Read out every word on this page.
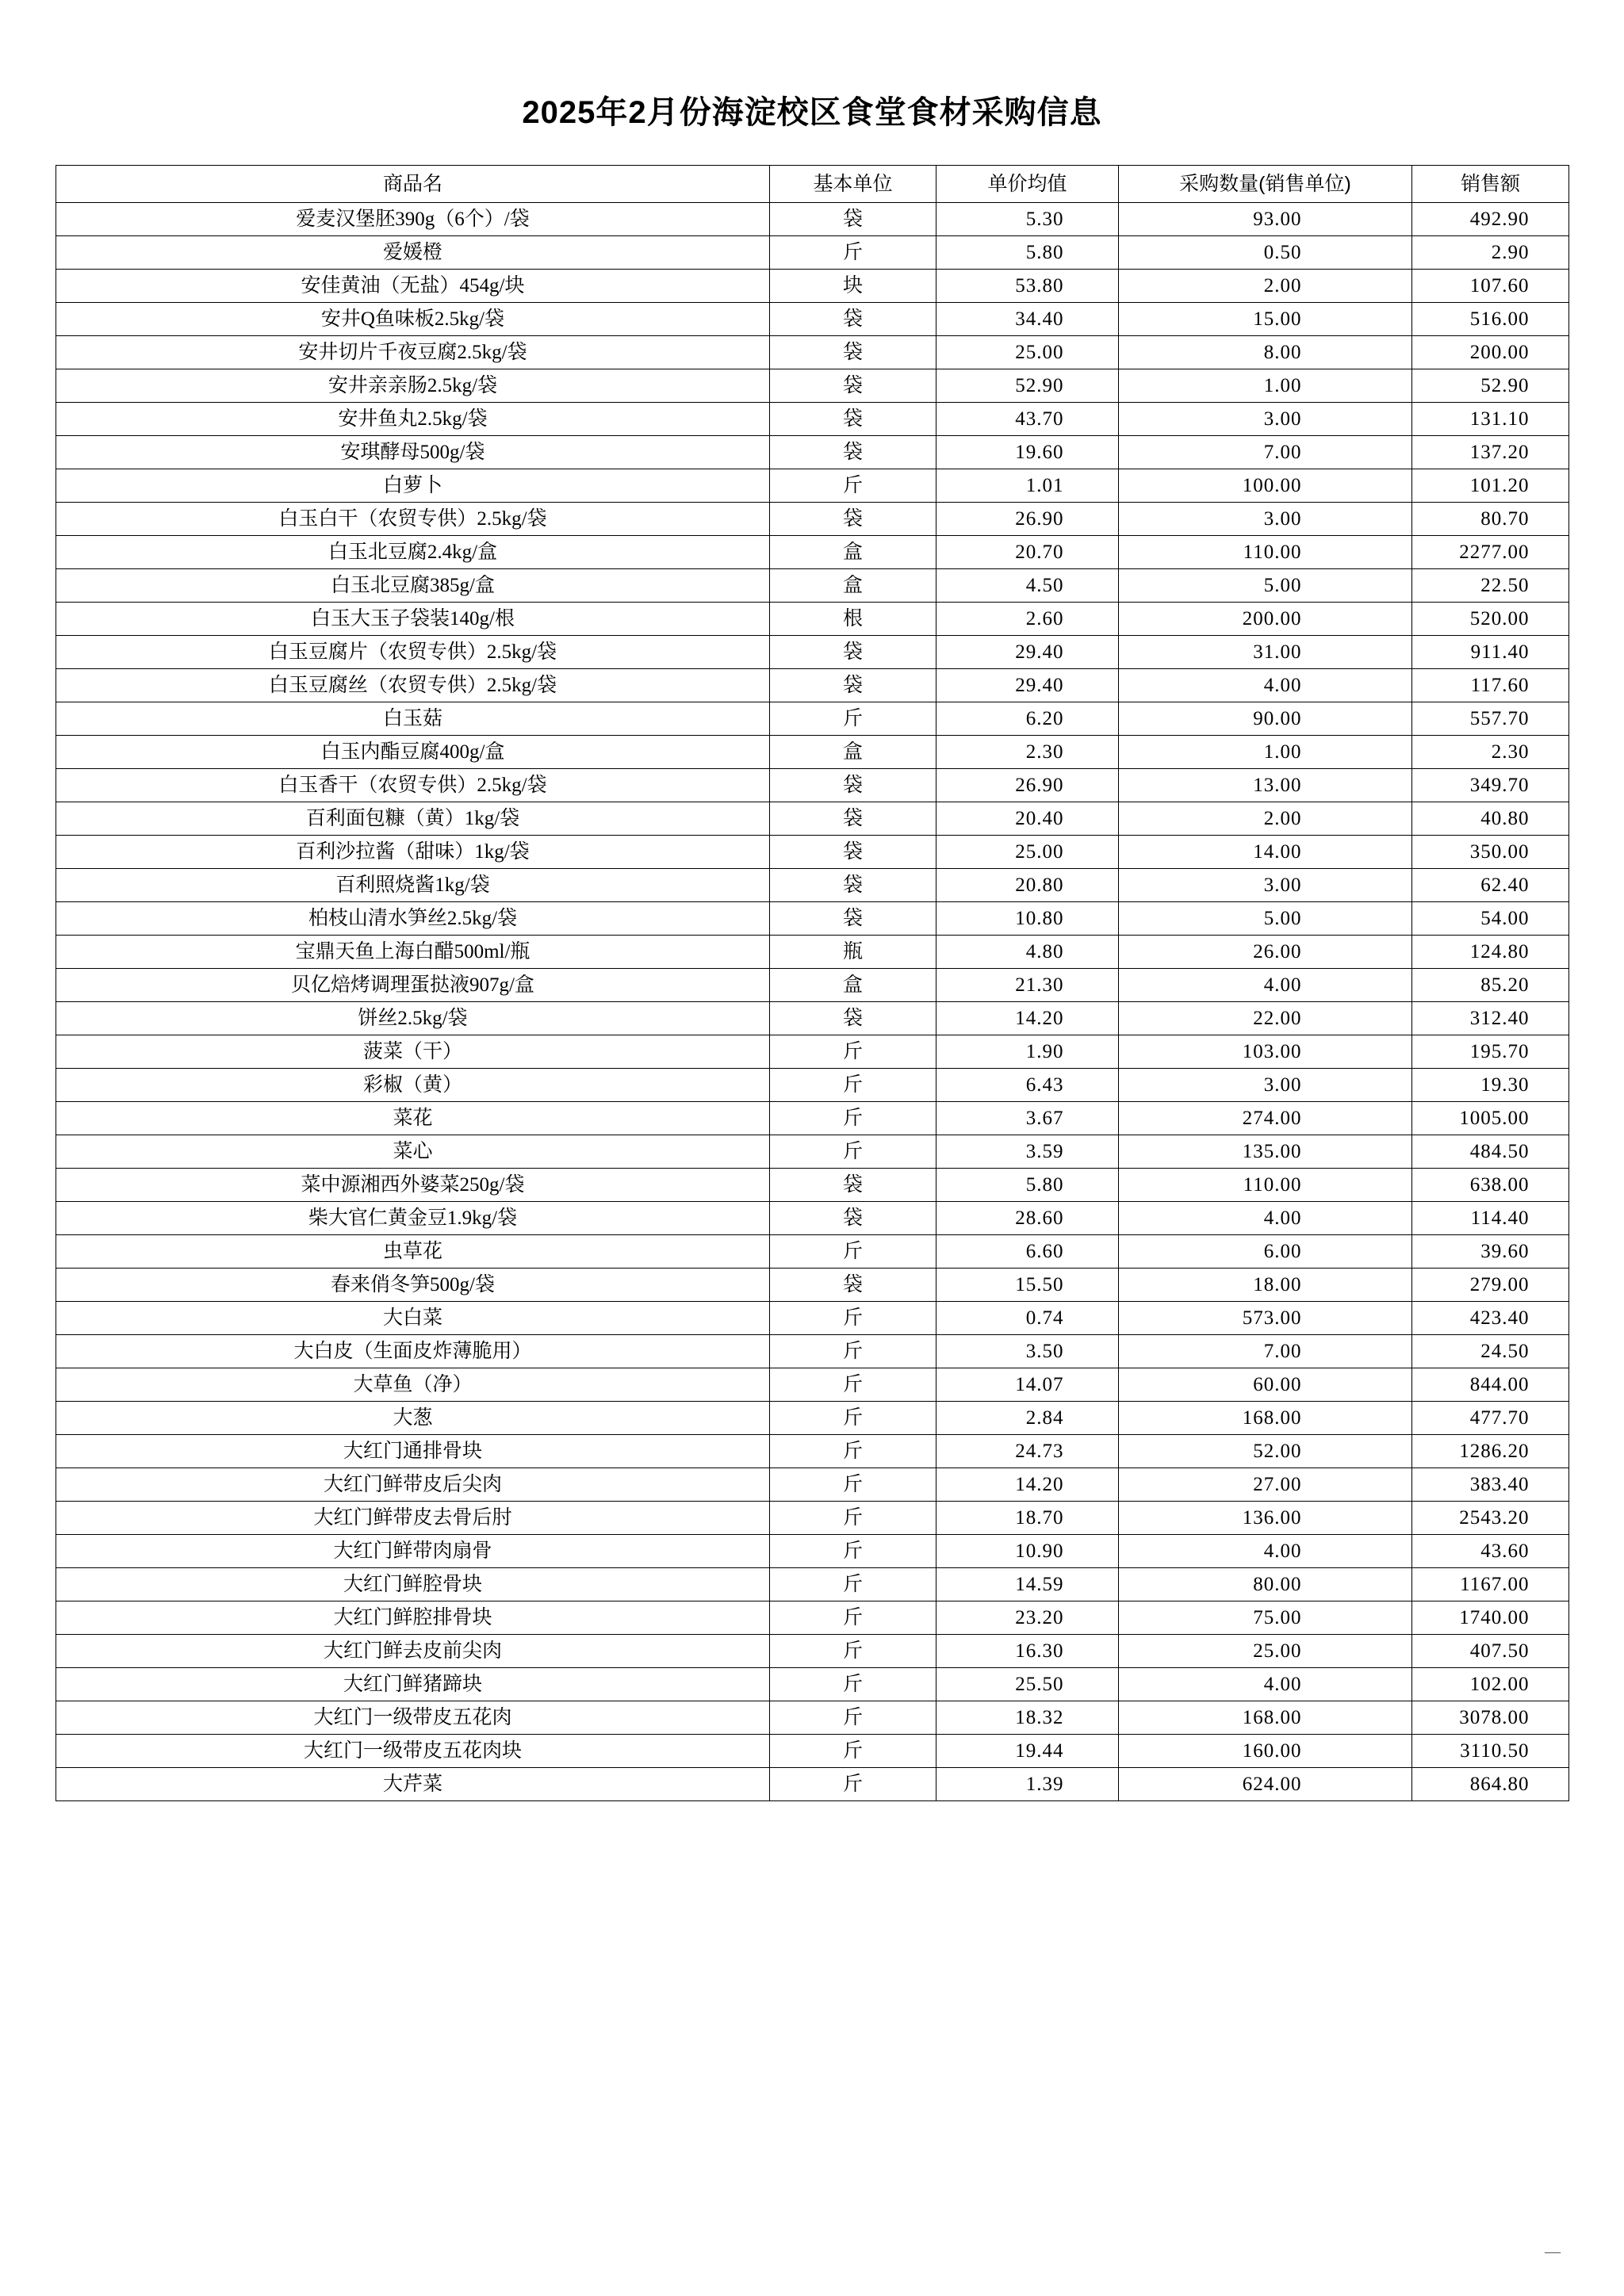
2025年2月份海淀校区食堂食材采购信息
商品名	基本单位	单价均值	采购数量(销售单位)	销售额
爱麦汉堡胚390g（6个）/袋	袋	5.30	93.00	492.90
爱媛橙	斤	5.80	0.50	2.90
安佳黄油（无盐）454g/块	块	53.80	2.00	107.60
安井Q鱼味板2.5kg/袋	袋	34.40	15.00	516.00
安井切片千夜豆腐2.5kg/袋	袋	25.00	8.00	200.00
安井亲亲肠2.5kg/袋	袋	52.90	1.00	52.90
安井鱼丸2.5kg/袋	袋	43.70	3.00	131.10
安琪酵母500g/袋	袋	19.60	7.00	137.20
白萝卜	斤	1.01	100.00	101.20
白玉白干（农贸专供）2.5kg/袋	袋	26.90	3.00	80.70
白玉北豆腐2.4kg/盒	盒	20.70	110.00	2277.00
白玉北豆腐385g/盒	盒	4.50	5.00	22.50
白玉大玉子袋装140g/根	根	2.60	200.00	520.00
白玉豆腐片（农贸专供）2.5kg/袋	袋	29.40	31.00	911.40
白玉豆腐丝（农贸专供）2.5kg/袋	袋	29.40	4.00	117.60
白玉菇	斤	6.20	90.00	557.70
白玉内酯豆腐400g/盒	盒	2.30	1.00	2.30
白玉香干（农贸专供）2.5kg/袋	袋	26.90	13.00	349.70
百利面包糠（黄）1kg/袋	袋	20.40	2.00	40.80
百利沙拉酱（甜味）1kg/袋	袋	25.00	14.00	350.00
百利照烧酱1kg/袋	袋	20.80	3.00	62.40
柏枝山清水笋丝2.5kg/袋	袋	10.80	5.00	54.00
宝鼎天鱼上海白醋500ml/瓶	瓶	4.80	26.00	124.80
贝亿焙烤调理蛋挞液907g/盒	盒	21.30	4.00	85.20
饼丝2.5kg/袋	袋	14.20	22.00	312.40
菠菜（干）	斤	1.90	103.00	195.70
彩椒（黄）	斤	6.43	3.00	19.30
菜花	斤	3.67	274.00	1005.00
菜心	斤	3.59	135.00	484.50
菜中源湘西外婆菜250g/袋	袋	5.80	110.00	638.00
柴大官仁黄金豆1.9kg/袋	袋	28.60	4.00	114.40
虫草花	斤	6.60	6.00	39.60
春来俏冬笋500g/袋	袋	15.50	18.00	279.00
大白菜	斤	0.74	573.00	423.40
大白皮（生面皮炸薄脆用）	斤	3.50	7.00	24.50
大草鱼（净）	斤	14.07	60.00	844.00
大葱	斤	2.84	168.00	477.70
大红门通排骨块	斤	24.73	52.00	1286.20
大红门鲜带皮后尖肉	斤	14.20	27.00	383.40
大红门鲜带皮去骨后肘	斤	18.70	136.00	2543.20
大红门鲜带肉扇骨	斤	10.90	4.00	43.60
大红门鲜腔骨块	斤	14.59	80.00	1167.00
大红门鲜腔排骨块	斤	23.20	75.00	1740.00
大红门鲜去皮前尖肉	斤	16.30	25.00	407.50
大红门鲜猪蹄块	斤	25.50	4.00	102.00
大红门一级带皮五花肉	斤	18.32	168.00	3078.00
大红门一级带皮五花肉块	斤	19.44	160.00	3110.50
大芹菜	斤	1.39	624.00	864.80
—
